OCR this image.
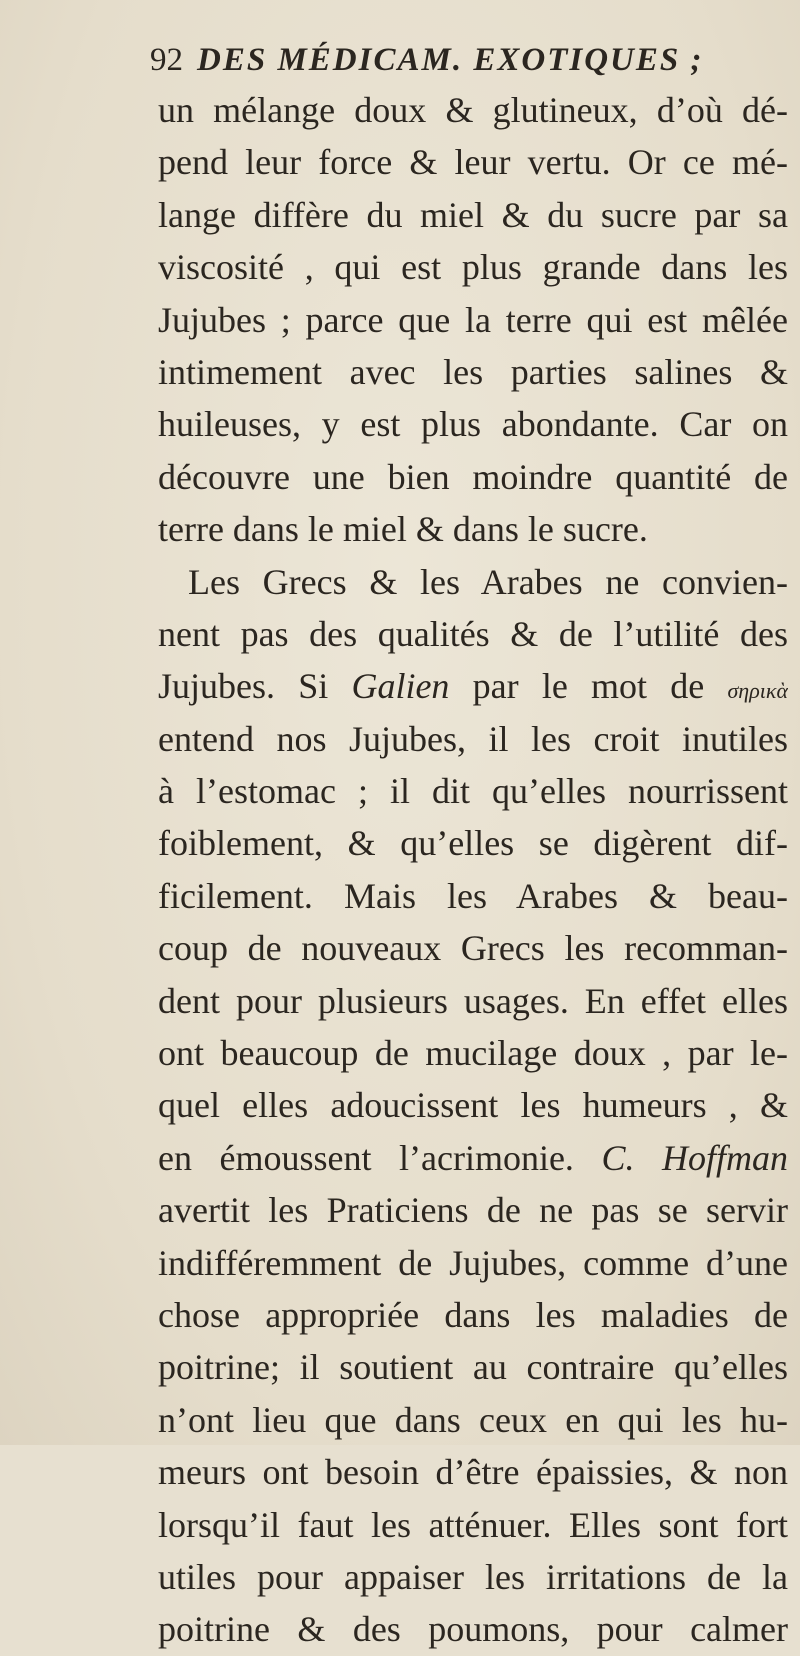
92 DES MÉDICAM. EXOTIQUES ;
un mélange doux & glutineux, d’où dé-
pend leur force & leur vertu. Or ce mé-
lange diffère du miel & du sucre par sa
viscosité , qui est plus grande dans les
Jujubes ; parce que la terre qui est mêlée
intimement avec les parties salines &
huileuses, y est plus abondante. Car on
découvre une bien moindre quantité de
terre dans le miel & dans le sucre.
Les Grecs & les Arabes ne convien-
nent pas des qualités & de l’utilité des
Jujubes. Si Galien par le mot de σηρικὰ
entend nos Jujubes, il les croit inutiles
à l’estomac ; il dit qu’elles nourrissent
foiblement, & qu’elles se digèrent dif-
ficilement. Mais les Arabes & beau-
coup de nouveaux Grecs les recomman-
dent pour plusieurs usages. En effet elles
ont beaucoup de mucilage doux , par le-
quel elles adoucissent les humeurs , &
en émoussent l’acrimonie. C. Hoffman
avertit les Praticiens de ne pas se servir
indifféremment de Jujubes, comme d’une
chose appropriée dans les maladies de
poitrine; il soutient au contraire qu’elles
n’ont lieu que dans ceux en qui les hu-
meurs ont besoin d’être épaissies, & non
lorsqu’il faut les atténuer. Elles sont fort
utiles pour appaiser les irritations de la
poitrine & des poumons, pour calmer
